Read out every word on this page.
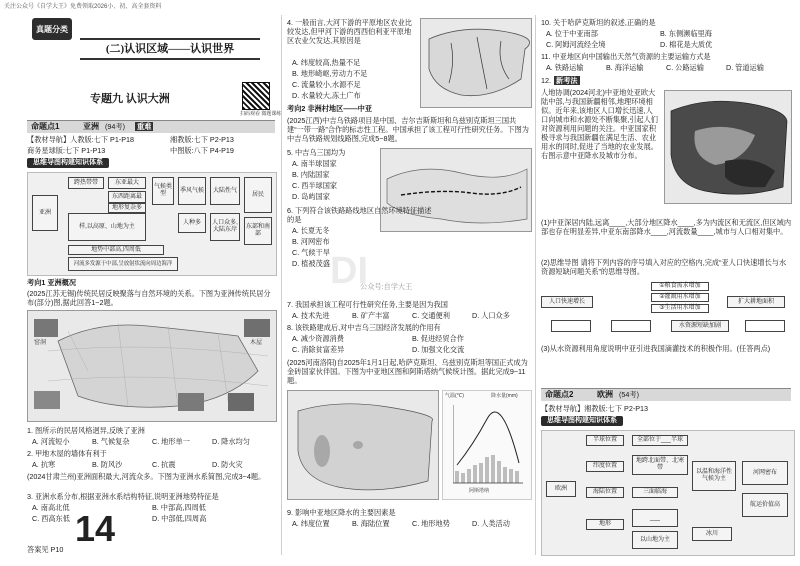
关注公众号《自学大王》免费领取2026小、初、高全套资料
真题分类
(二)认识区域——认识世界
专题九 认识大洲
扫码观看 微题课练
命题点1	亚洲 (94考) 重难
【教材导航】人教版:七下 P1-P18	湘教版:七下 P2-P13
商务星球版:七下 P1-P13	中图版:八下 P4-P19
思维导图构建知识体系
亚洲
跨热带带	东亚最大
东西距离最
样,以高原、山地为主
地形复杂多
地势中部高,四周低
河流多发源于中部,呈放射状流向周边海洋
气候类型
季风气候 大陆性气
居民
人种多
东部和南部
人口众多,大陆东岸
考向1 亚洲概况
(2025江苏无锡)传统民居反映聚落与自然环境的关系。下图为亚洲传统民居分布(部分)图,据此回答1~2题。
窑洞	木屋
1. 图所示的民居风格迥异,反映了亚洲
A. 河流短小	B. 气候复杂	C. 地形单一	D. 降水均匀
2. 甲地木屋的墙体有利于
A. 抗寒	B. 防风沙	C. 抗震	D. 防火灾
(2024甘肃兰州)亚洲面积最大,河流众多。下图为亚洲水系简图,完成3~4题。
3. 亚洲水系分布,根据亚洲水系结构特征,说明亚洲地势特征是
A. 南高北低	B. 中部高,四周低
C. 西高东低	D. 中部低,四周高
答案见 P10
14
4. 一般而言,大河下游的平原地区农业比较发达,但甲河下游的西西伯利亚平原地区农业欠发达,其原因是
A. 纬度较高,热量不足
B. 地形崎岖,劳动力不足
C. 流量较小,水源不足
D. 水量较大,冻土广布
考向2 非洲村地区——中亚
(2025江西)中吉乌铁路项目是中国、吉尔吉斯斯坦和乌兹别克斯坦三国共建“一带一路”合作的标志性工程。中国承担了该工程可行性研究任务。下图为中吉乌铁路规划线路图,完成5~8题。
5. 中吉乌三国均为
A. 南半球国家
B. 内陆国家
C. 西半球国家
D. 岛屿国家
6. 下列符合该铁路路线地区自然环境特征描述的是
A. 长夏无冬
B. 河网密布
C. 气候干旱
D. 植被茂盛 DI
公众号:自学大王
7. 我国承担该工程可行性研究任务,主要是因为我国
A. 技术先进	B. 矿产丰富	C. 交通便利	D. 人口众多
8. 该铁路建成后,对中吉乌三国经济发展的作用有
A. 减少资源消费	B. 促进经贸合作
C. 消除贫富差异	D. 加强文化交流
(2025河南洛阳)自2025年1月1日起,哈萨克斯坦、乌兹别克斯坦等国正式成为金砖国家伙伴国。下图为中亚地区图和阿斯塔纳气候统计图。据此完成9~11题。
气温(℃)	降水量(mm)
阿斯塔纳
9. 影响中亚地区降水的主要因素是
A. 纬度位置	B. 海陆位置	C. 地形地势	D. 人类活动
10. 关于哈萨克斯坦的叙述,正确的是
A. 位于中亚南部	B. 东侧濒临里海
C. 阿姆河流经全境	D. 棉花是大质优
11. 中亚地区向中国输出天然气资源的主要运输方式是
A. 铁路运输	B. 海洋运输	C. 公路运输	D. 管道运输
12. 新考法
人地协调(2024河北)中亚地处亚欧大陆中部,与我国新疆相邻,地理环境相似。近年来,该地区人口增长迅速,人口向城市和水源处不断集聚,引起人们对资源利用问题的关注。中亚国家积极寻求与我国新疆在满足生活、农业用水的同时,促进了当地的农业发展。右图示意中亚降水及城市分布。
(1)中亚深居内陆,远离____,大部分地区降水____,多为内流区和无流区,但区域内部也存在明显差异,中亚东南部降水____,河流数量____,城市与人口相对集中。
(2)思维导图 请将下列内容的序号填入对应的空格内,完成“亚人口快速增长与水资源短缺问题关系”的思维导图。
①粮食需求增加
②灌溉用水增加
③生活用水增加
人口快速增长	扩大耕地面积
水资源短缺加剧
(3)从水资源利用角度说明中亚引进我国滴灌技术的积极作用。(任答两点)
命题点2	欧洲 (54考)
【教材导航】湘教版:七下 P2-P13
思维导图构建知识体系
欧洲
半球位置
纬度位置
海陆位置
地形
全部位于 ___ 半球
地跨北面带、北寒带
三面临海
___
以山地为主
以温和海洋性气候为主
河网密布
航运价值高
冰川
